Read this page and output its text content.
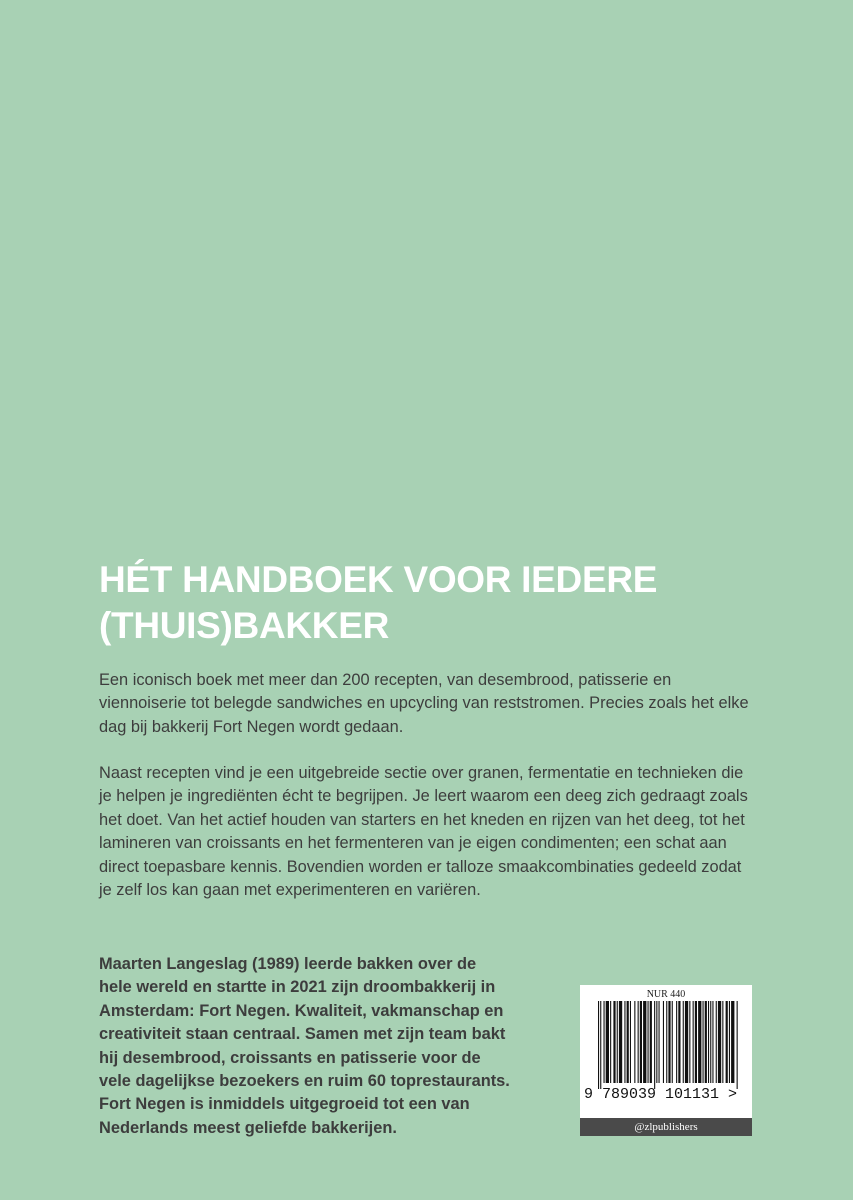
HÉT HANDBOEK VOOR IEDERE
(THUIS)BAKKER

Een iconisch boek met meer dan 200 recepten, van desembrood, patisserie en
viennoiserie tot belegde sandwiches en upcycling van reststromen. Precies zoals het elke
dag bij bakkerij Fort Negen wordt gedaan.

Naast recepten vind je een uitgebreide sectie over granen, fermentatie en technieken die
je helpen je ingrediënten écht te begrijpen. Je leert waarom een deeg zich gedraagt zoals
het doet. Van het actief houden van starters en het kneden en rijzen van het deeg, tot het
lamineren van croissants en het fermenteren van je eigen condimenten; een schat aan
direct toepasbare kennis. Bovendien worden er talloze smaakcombinaties gedeeld zodat
je zelf los kan gaan met experimenteren en variëren.

Maarten Langeslag (1989) leerde bakken over de
hele wereld en startte in 2021 zijn droombakkerij in
Amsterdam: Fort Negen. Kwaliteit, vakmanschap en
creativiteit staan centraal. Samen met zijn team bakt
hij desembrood, croissants en patisserie voor de
vele dagelijkse bezoekers en ruim 60 toprestaurants.
Fort Negen is inmiddels uitgegroeid tot een van
Nederlands meest geliefde bakkerijen.

NUR 440
9 789039 101131 >
@zlpublishers
